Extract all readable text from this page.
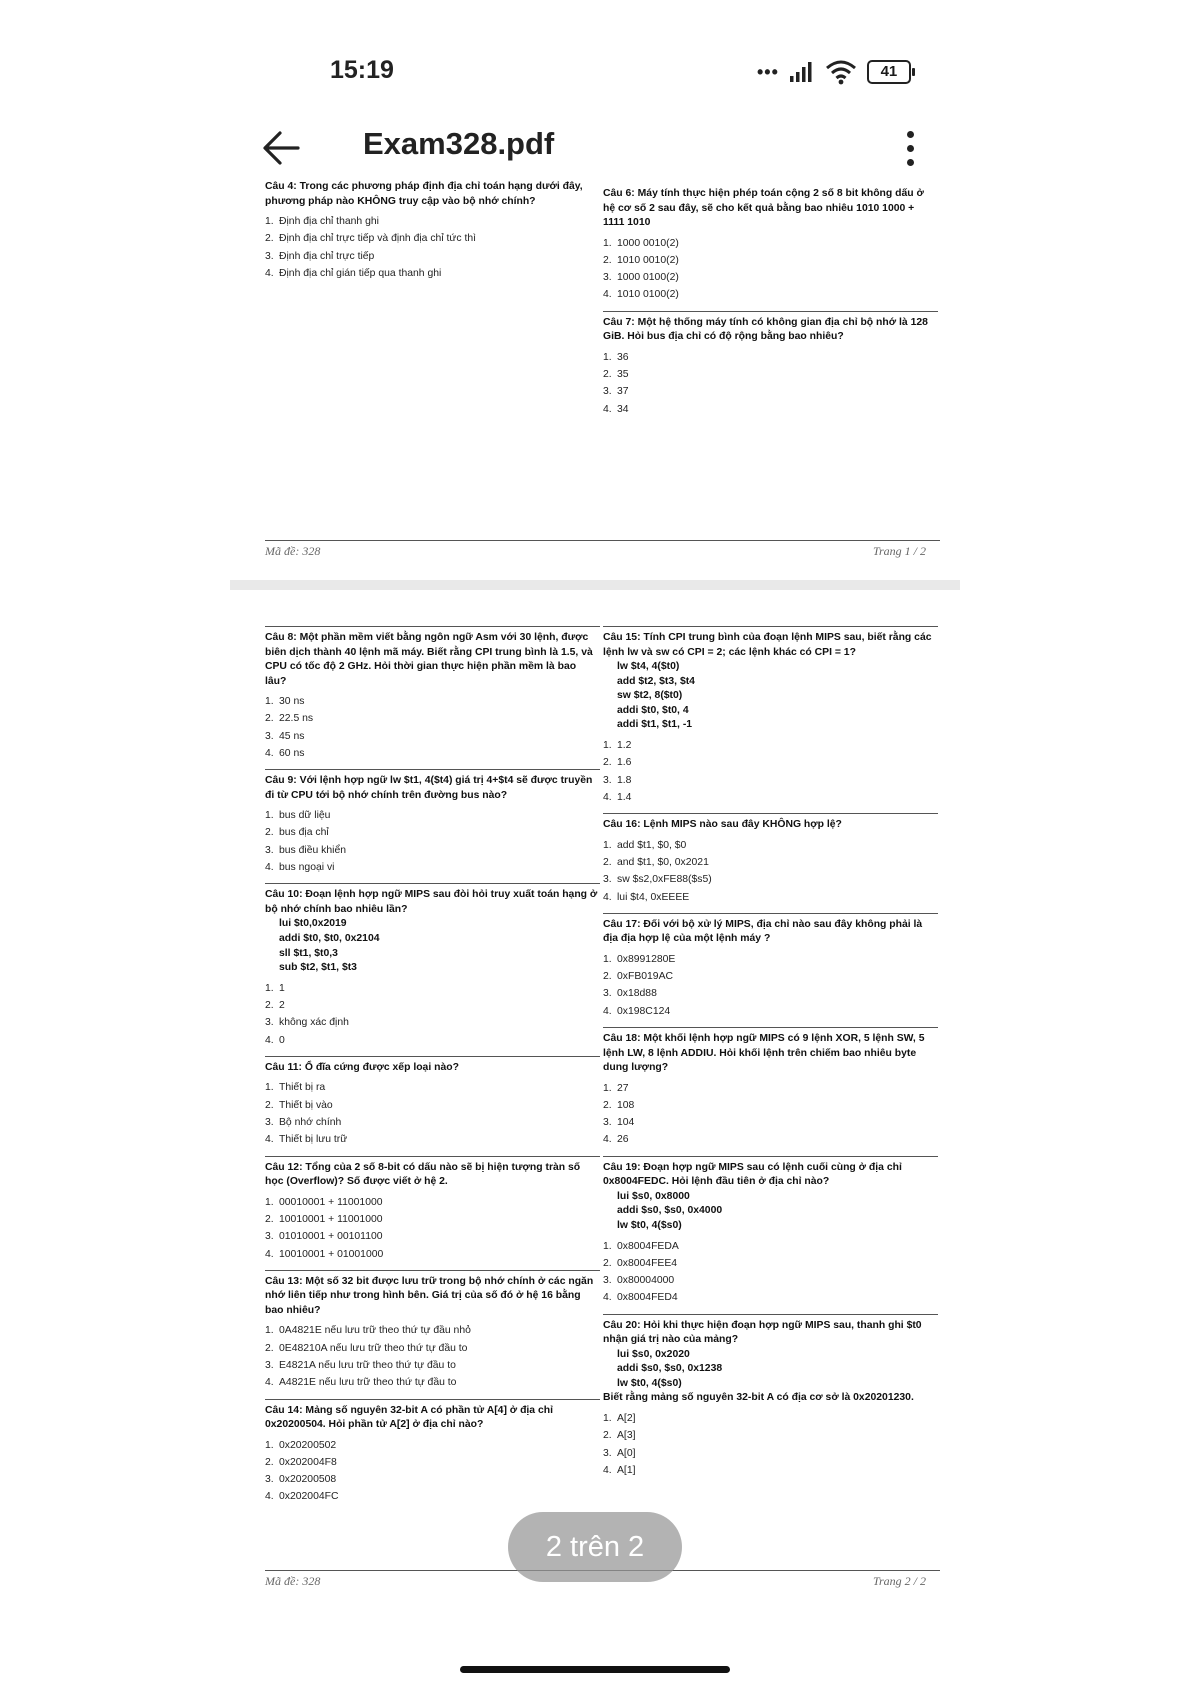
15:19	•••	41
Exam328.pdf
Câu 4: Trong các phương pháp định địa chỉ toán hạng dưới đây, phương pháp nào KHÔNG truy cập vào bộ nhớ chính?
1. Định địa chỉ thanh ghi
2. Định địa chỉ trực tiếp và định địa chỉ tức thì
3. Định địa chỉ trực tiếp
4. Định địa chỉ gián tiếp qua thanh ghi
Câu 6: Máy tính thực hiện phép toán cộng 2 số 8 bit không dấu ở hệ cơ số 2 sau đây, sẽ cho kết quả bằng bao nhiêu 1010 1000 + 1111 1010
1. 1000 0010(2)
2. 1010 0010(2)
3. 1000 0100(2)
4. 1010 0100(2)
Câu 7: Một hệ thống máy tính có không gian địa chỉ bộ nhớ là 128 GiB. Hỏi bus địa chỉ có độ rộng bằng bao nhiêu?
1. 36
2. 35
3. 37
4. 34
Mã đề: 328	Trang 1 / 2
Câu 8: Một phần mềm viết bằng ngôn ngữ Asm với 30 lệnh, được biên dịch thành 40 lệnh mã máy. Biết rằng CPI trung bình là 1.5, và CPU có tốc độ 2 GHz. Hỏi thời gian thực hiện phần mềm là bao lâu?
1. 30 ns
2. 22.5 ns
3. 45 ns
4. 60 ns
Câu 9: Với lệnh hợp ngữ lw $t1, 4($t4) giá trị 4+$t4 sẽ được truyền đi từ CPU tới bộ nhớ chính trên đường bus nào?
1. bus dữ liệu
2. bus địa chỉ
3. bus điều khiển
4. bus ngoại vi
Câu 10: Đoạn lệnh hợp ngữ MIPS sau đòi hỏi truy xuất toán hạng ở bộ nhớ chính bao nhiêu lần?
lui $t0,0x2019
addi $t0, $t0, 0x2104
sll $t1, $t0,3
sub $t2, $t1, $t3
1. 1
2. 2
3. không xác định
4. 0
Câu 11: Ổ đĩa cứng được xếp loại nào?
1. Thiết bị ra
2. Thiết bị vào
3. Bộ nhớ chính
4. Thiết bị lưu trữ
Câu 12: Tổng của 2 số 8-bit có dấu nào sẽ bị hiện tượng tràn số học (Overflow)? Số được viết ở hệ 2.
1. 00010001 + 11001000
2. 10010001 + 11001000
3. 01010001 + 00101100
4. 10010001 + 01001000
Câu 13: Một số 32 bit được lưu trữ trong bộ nhớ chính ở các ngăn nhớ liên tiếp như trong hình bên. Giá trị của số đó ở hệ 16 bằng bao nhiêu?
1. 0A4821E nếu lưu trữ theo thứ tự đầu nhỏ
2. 0E48210A nếu lưu trữ theo thứ tự đầu to
3. E4821A nếu lưu trữ theo thứ tự đầu to
4. A4821E nếu lưu trữ theo thứ tự đầu to
Câu 14: Mảng số nguyên 32-bit A có phần tử A[4] ở địa chỉ 0x20200504. Hỏi phần tử A[2] ở địa chỉ nào?
1. 0x20200502
2. 0x202004F8
3. 0x20200508
4. 0x202004FC
Câu 15: Tính CPI trung bình của đoạn lệnh MIPS sau, biết rằng các lệnh lw và sw có CPI = 2; các lệnh khác có CPI = 1?
lw $t4, 4($t0)
add $t2, $t3, $t4
sw $t2, 8($t0)
addi $t0, $t0, 4
addi $t1, $t1, -1
1. 1.2
2. 1.6
3. 1.8
4. 1.4
Câu 16: Lệnh MIPS nào sau đây KHÔNG hợp lệ?
1. add $t1, $0, $0
2. and $t1, $0, 0x2021
3. sw $s2,0xFE88($s5)
4. lui $t4, 0xEEEE
Câu 17: Đối với bộ xử lý MIPS, địa chỉ nào sau đây không phải là địa địa hợp lệ của một lệnh máy ?
1. 0x8991280E
2. 0xFB019AC
3. 0x18d88
4. 0x198C124
Câu 18: Một khối lệnh hợp ngữ MIPS có 9 lệnh XOR, 5 lệnh SW, 5 lệnh LW, 8 lệnh ADDIU. Hỏi khối lệnh trên chiếm bao nhiêu byte dung lượng?
1. 27
2. 108
3. 104
4. 26
Câu 19: Đoạn hợp ngữ MIPS sau có lệnh cuối cùng ở địa chỉ 0x8004FEDC. Hỏi lệnh đầu tiên ở địa chỉ nào?
lui $s0, 0x8000
addi $s0, $s0, 0x4000
lw $t0, 4($s0)
1. 0x8004FEDA
2. 0x8004FEE4
3. 0x80004000
4. 0x8004FED4
Câu 20: Hỏi khi thực hiện đoạn hợp ngữ MIPS sau, thanh ghi $t0 nhận giá trị nào của mảng?
lui $s0, 0x2020
addi $s0, $s0, 0x1238
lw $t0, 4($s0)
Biết rằng mảng số nguyên 32-bit A có địa cơ sở là 0x20201230.
1. A[2]
2. A[3]
3. A[0]
4. A[1]
Mã đề: 328	Trang 2 / 2
2 trên 2
